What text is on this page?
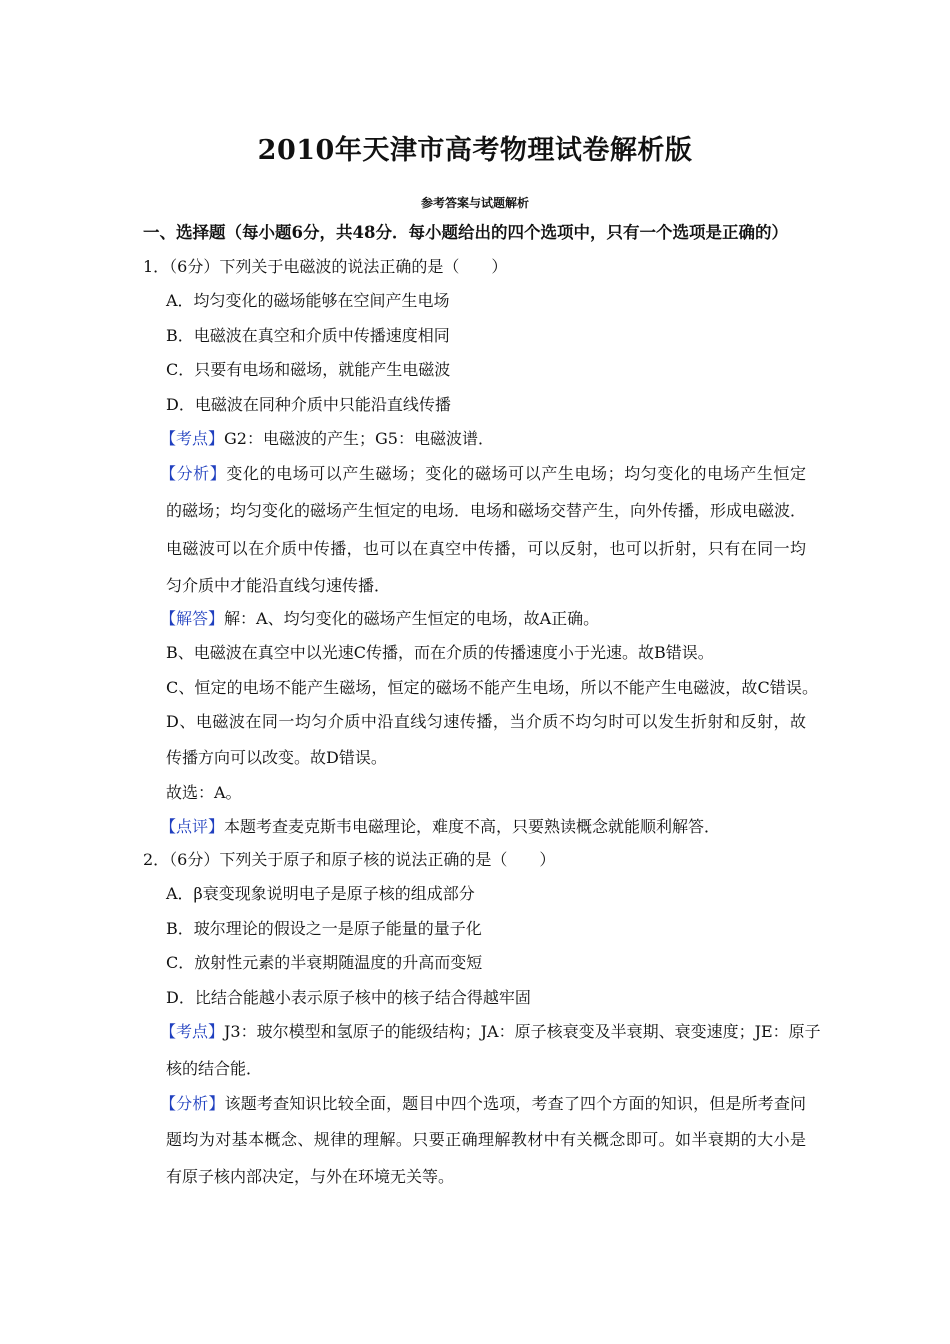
2010年天津市高考物理试卷解析版
参考答案与试题解析
一、选择题（每小题6分，共48分．每小题给出的四个选项中，只有一个选项是正确的）
1．（6分）下列关于电磁波的说法正确的是（　　）
A．均匀变化的磁场能够在空间产生电场
B．电磁波在真空和介质中传播速度相同
C．只要有电场和磁场，就能产生电磁波
D．电磁波在同种介质中只能沿直线传播
【考点】G2：电磁波的产生；G5：电磁波谱．
【分析】变化的电场可以产生磁场；变化的磁场可以产生电场；均匀变化的电场产生恒定
的磁场；均匀变化的磁场产生恒定的电场．电场和磁场交替产生，向外传播，形成电磁波．
电磁波可以在介质中传播，也可以在真空中传播，可以反射，也可以折射，只有在同一均
匀介质中才能沿直线匀速传播．
【解答】解：A、均匀变化的磁场产生恒定的电场，故A正确。
B、电磁波在真空中以光速C传播，而在介质的传播速度小于光速。故B错误。
C、恒定的电场不能产生磁场，恒定的磁场不能产生电场，所以不能产生电磁波，故C错误。
D、电磁波在同一均匀介质中沿直线匀速传播，当介质不均匀时可以发生折射和反射，故
传播方向可以改变。故D错误。
故选：A。
【点评】本题考查麦克斯韦电磁理论，难度不高，只要熟读概念就能顺利解答．
2．（6分）下列关于原子和原子核的说法正确的是（　　）
A．β衰变现象说明电子是原子核的组成部分
B．玻尔理论的假设之一是原子能量的量子化
C．放射性元素的半衰期随温度的升高而变短
D．比结合能越小表示原子核中的核子结合得越牢固
【考点】J3：玻尔模型和氢原子的能级结构；JA：原子核衰变及半衰期、衰变速度；JE：原子
核的结合能．
【分析】该题考查知识比较全面，题目中四个选项，考查了四个方面的知识，但是所考查问
题均为对基本概念、规律的理解。只要正确理解教材中有关概念即可。如半衰期的大小是
有原子核内部决定，与外在环境无关等。
